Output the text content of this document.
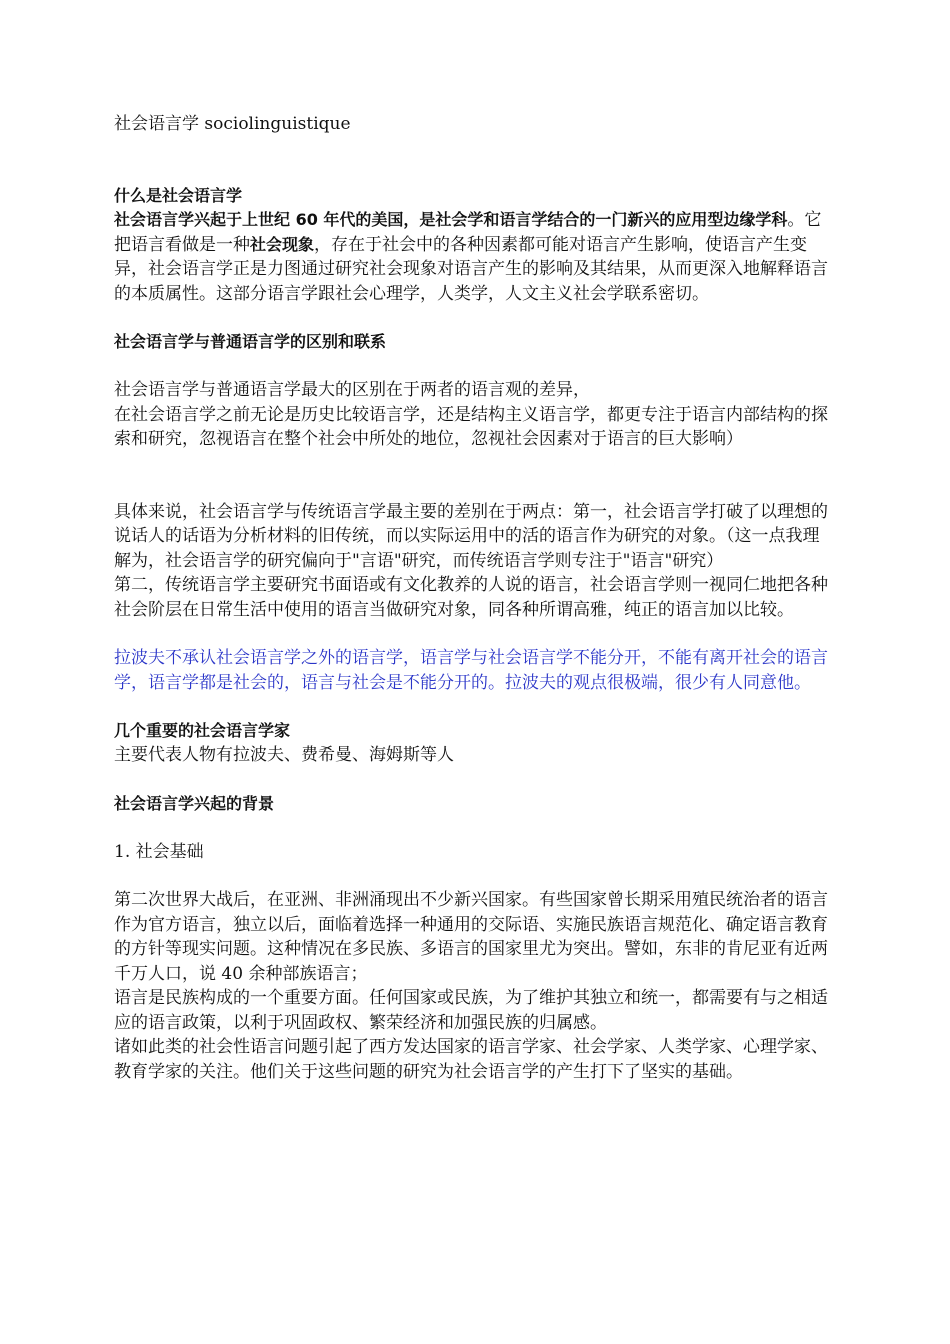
社会语言学 sociolinguistique
什么是社会语言学

社会语言学兴起于上世纪 60 年代的美国，是社会学和语言学结合的一门新兴的应用型边缘学科。它把语言看做是一种社会现象，存在于社会中的各种因素都可能对语言产生影响，使语言产生变异，社会语言学正是力图通过研究社会现象对语言产生的影响及其结果，从而更深入地解释语言的本质属性。这部分语言学跟社会心理学，人类学，人文主义社会学联系密切。

社会语言学与普通语言学的区别和联系

社会语言学与普通语言学最大的区别在于两者的语言观的差异，

在社会语言学之前无论是历史比较语言学，还是结构主义语言学，都更专注于语言内部结构的探索和研究，忽视语言在整个社会中所处的地位，忽视社会因素对于语言的巨大影响）

具体来说，社会语言学与传统语言学最主要的差别在于两点：第一，社会语言学打破了以理想的说话人的话语为分析材料的旧传统，而以实际运用中的活的语言作为研究的对象。（这一点我理解为，社会语言学的研究偏向于"言语"研究，而传统语言学则专注于"语言"研究）

第二，传统语言学主要研究书面语或有文化教养的人说的语言，社会语言学则一视同仁地把各种社会阶层在日常生活中使用的语言当做研究对象，同各种所谓高雅，纯正的语言加以比较。

拉波夫不承认社会语言学之外的语言学，语言学与社会语言学不能分开，不能有离开社会的语言学，语言学都是社会的，语言与社会是不能分开的。拉波夫的观点很极端，很少有人同意他。

几个重要的社会语言学家

主要代表人物有拉波夫、费希曼、海姆斯等人

社会语言学兴起的背景

1. 社会基础

第二次世界大战后，在亚洲、非洲涌现出不少新兴国家。有些国家曾长期采用殖民统治者的语言作为官方语言，独立以后，面临着选择一种通用的交际语、实施民族语言规范化、确定语言教育的方针等现实问题。这种情况在多民族、多语言的国家里尤为突出。譬如，东非的肯尼亚有近两千万人口，说 40 余种部族语言；

语言是民族构成的一个重要方面。任何国家或民族，为了维护其独立和统一，都需要有与之相适应的语言政策，以利于巩固政权、繁荣经济和加强民族的归属感。

诸如此类的社会性语言问题引起了西方发达国家的语言学家、社会学家、人类学家、心理学家、教育学家的关注。他们关于这些问题的研究为社会语言学的产生打下了坚实的基础。
